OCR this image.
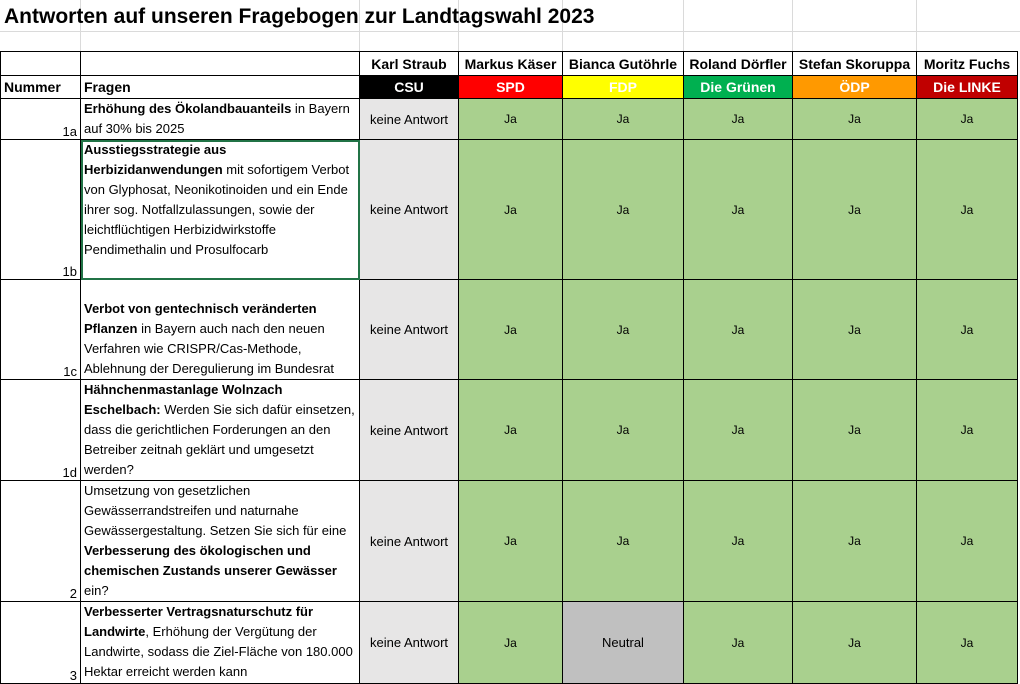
Antworten auf unseren Fragebogen zur Landtagswahl 2023
		Karl Straub	Markus Käser	Bianca Gutöhrle	Roland Dörfler	Stefan Skoruppa	Moritz Fuchs
Nummer	Fragen	CSU	SPD	FDP	Die Grünen	ÖDP	Die LINKE
1a	Erhöhung des Ökolandbauanteils in Bayern auf 30% bis 2025	keine Antwort	Ja	Ja	Ja	Ja	Ja
1b	Ausstiegsstrategie aus Herbizidanwendungen mit sofortigem Verbot von Glyphosat, Neonikotinoiden und ein Ende ihrer sog. Notfallzulassungen, sowie der leichtflüchtigen Herbizidwirkstoffe Pendimethalin und Prosulfocarb	keine Antwort	Ja	Ja	Ja	Ja	Ja
1c	Verbot von gentechnisch veränderten Pflanzen in Bayern auch nach den neuen Verfahren wie CRISPR/Cas-Methode, Ablehnung der Deregulierung im Bundesrat	keine Antwort	Ja	Ja	Ja	Ja	Ja
1d	Hähnchenmastanlage Wolnzach Eschelbach: Werden Sie sich dafür einsetzen, dass die gerichtlichen Forderungen an den Betreiber zeitnah geklärt und umgesetzt werden?	keine Antwort	Ja	Ja	Ja	Ja	Ja
2	Umsetzung von gesetzlichen Gewässerrandstreifen und naturnahe Gewässergestaltung. Setzen Sie sich für eine Verbesserung des ökologischen und chemischen Zustands unserer Gewässer ein?	keine Antwort	Ja	Ja	Ja	Ja	Ja
3	Verbesserter Vertragsnaturschutz für Landwirte, Erhöhung der Vergütung der Landwirte, sodass die Ziel-Fläche von 180.000 Hektar erreicht werden kann	keine Antwort	Ja	Neutral	Ja	Ja	Ja
